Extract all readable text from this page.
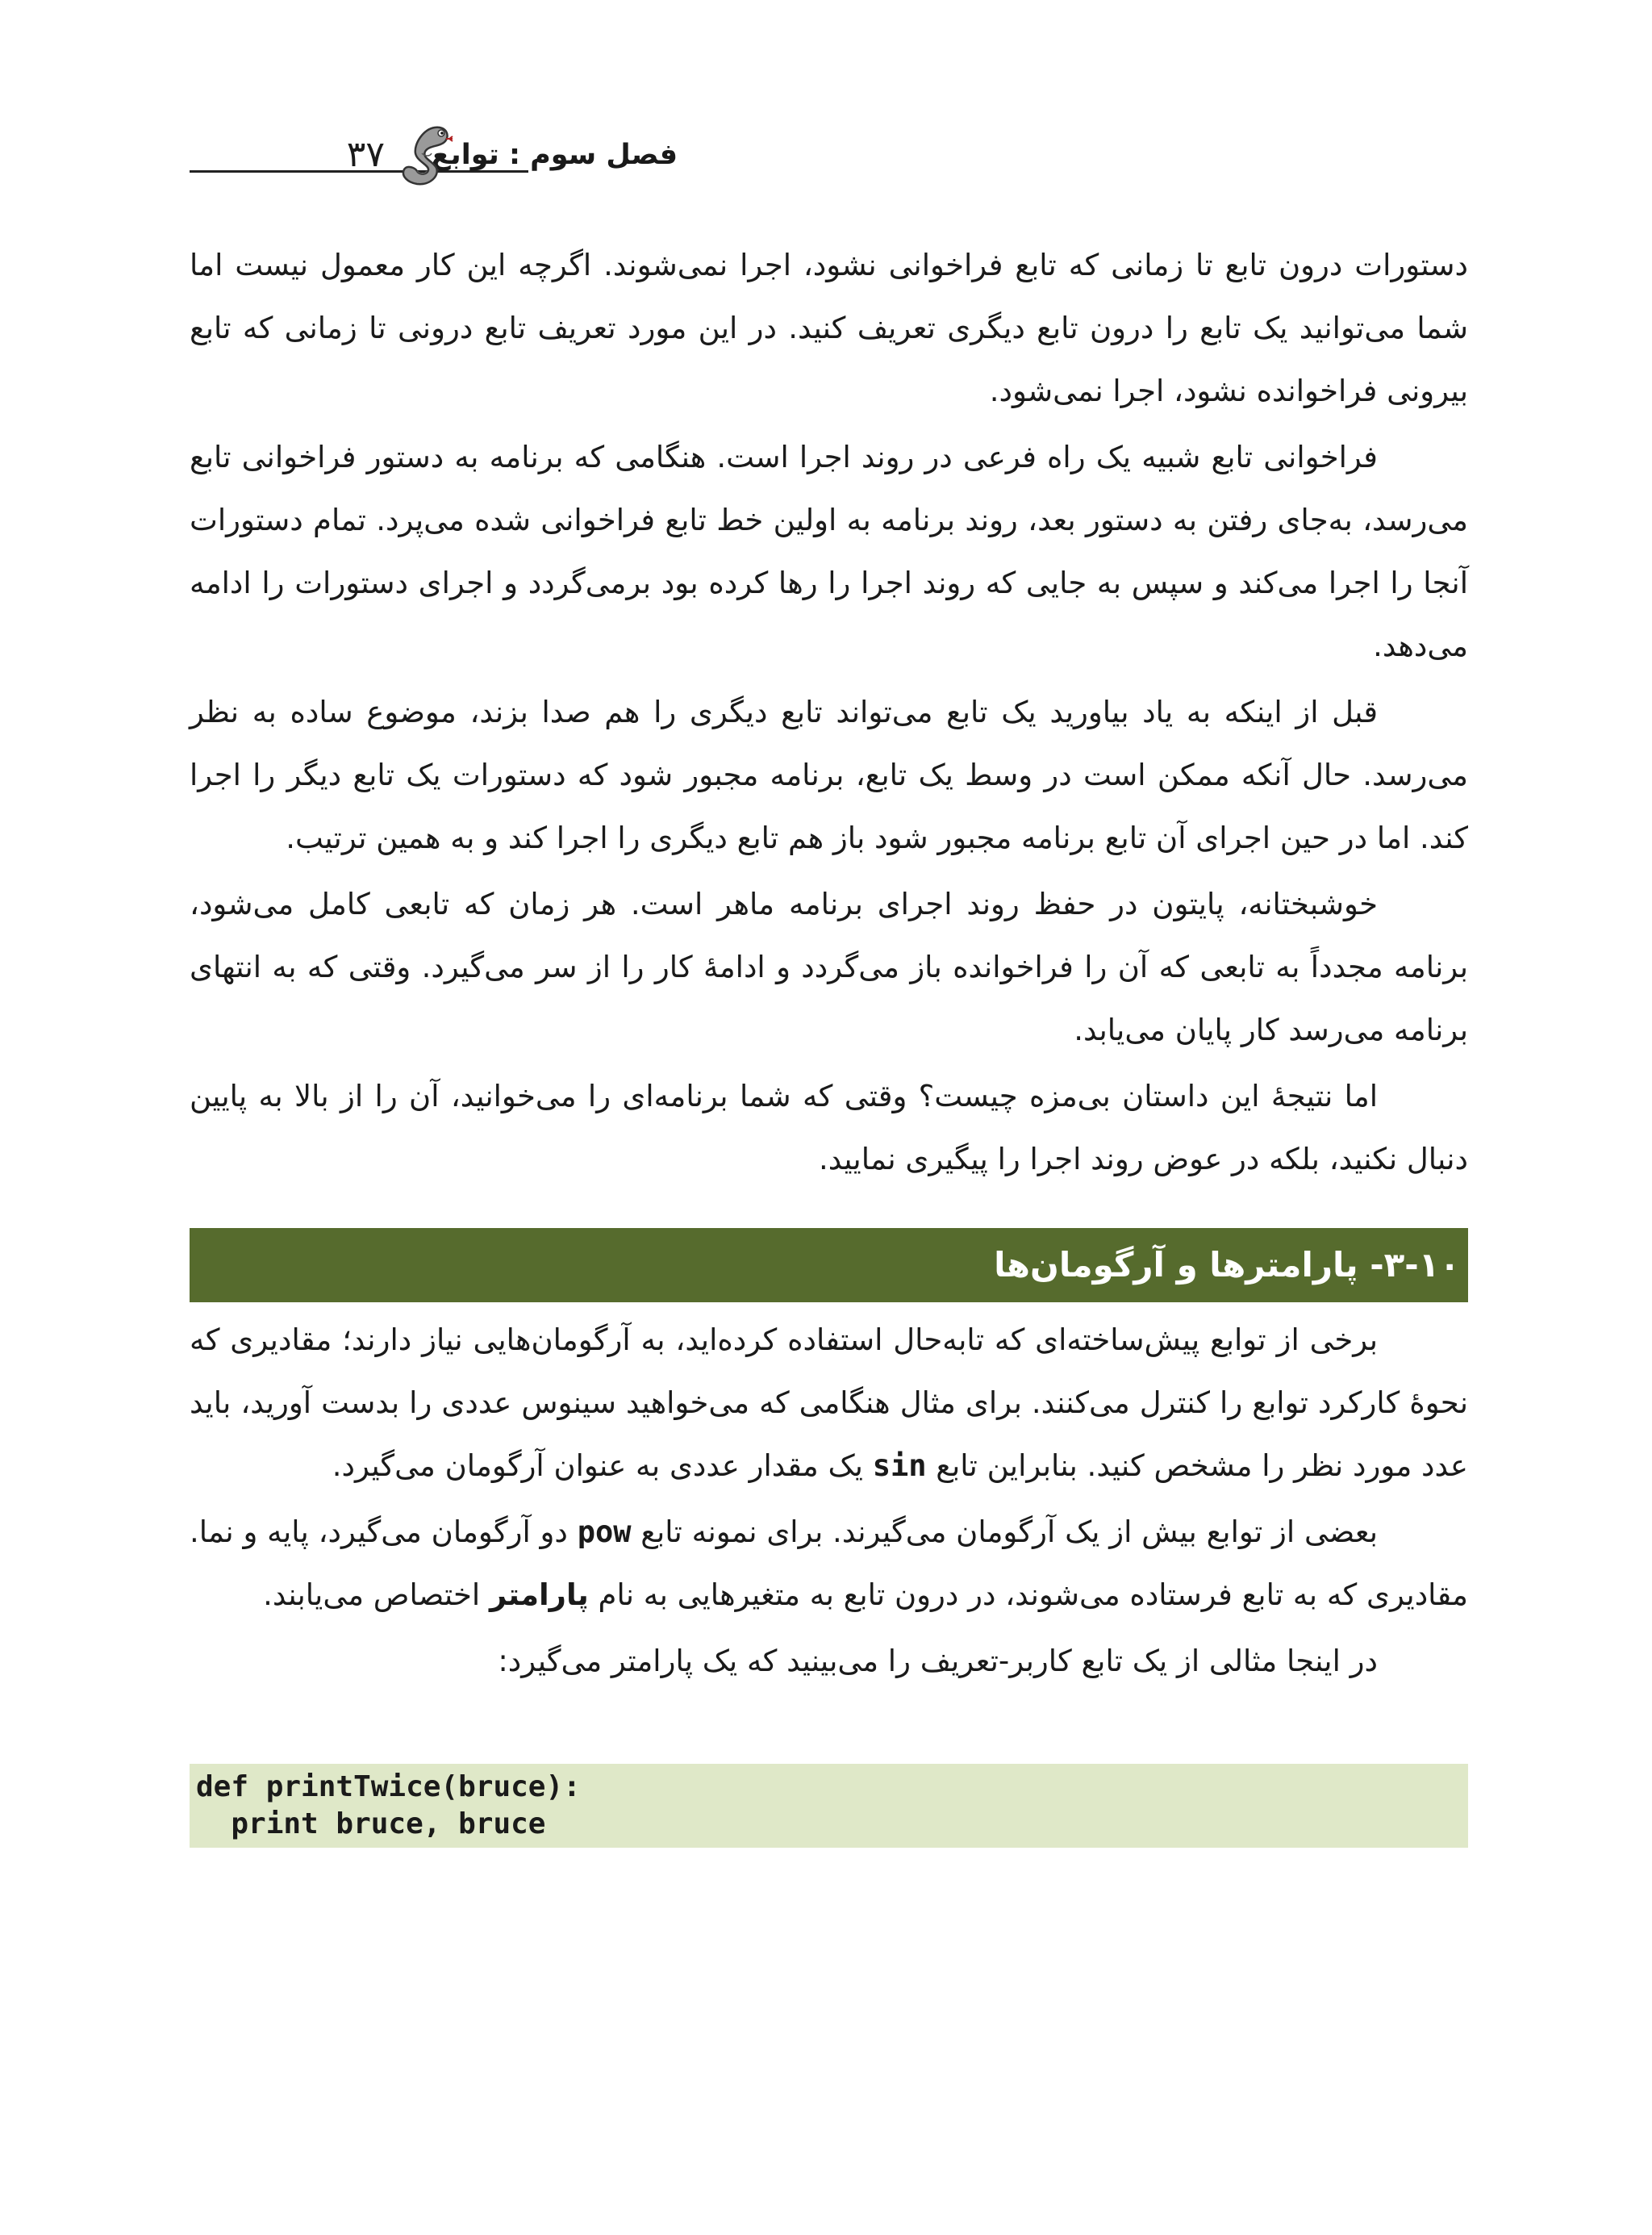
فصل سوم : توابع
۳۷

دستورات درون تابع تا زمانی که تابع فراخوانی نشود، اجرا نمی‌شوند. اگرچه این کار معمول نیست اما شما می‌توانید یک تابع را درون تابع دیگری تعریف کنید. در این مورد تعریف تابع درونی تا زمانی که تابع بیرونی فراخوانده نشود، اجرا نمی‌شود.

فراخوانی تابع شبیه یک راه فرعی در روند اجرا است. هنگامی که برنامه به دستور فراخوانی تابع می‌رسد، به‌جای رفتن به دستور بعد، روند برنامه به اولین خط تابع فراخوانی شده می‌پرد. تمام دستورات آنجا را اجرا می‌کند و سپس به جایی که روند اجرا را رها کرده بود برمی‌گردد و اجرای دستورات را ادامه می‌دهد.

قبل از اینکه به یاد بیاورید یک تابع می‌تواند تابع دیگری را هم صدا بزند، موضوع ساده به نظر می‌رسد. حال آنکه ممکن است در وسط یک تابع، برنامه مجبور شود که دستورات یک تابع دیگر را اجرا کند. اما در حین اجرای آن تابع برنامه مجبور شود باز هم تابع دیگری را اجرا کند و به همین ترتیب.

خوشبختانه، پایتون در حفظ روند اجرای برنامه ماهر است. هر زمان که تابعی کامل می‌شود، برنامه مجدداً به تابعی که آن را فراخوانده باز می‌گردد و ادامهٔ کار را از سر می‌گیرد. وقتی که به انتهای برنامه می‌رسد کار پایان می‌یابد.

اما نتیجهٔ این داستان بی‌مزه چیست؟ وقتی که شما برنامه‌ای را می‌خوانید، آن را از بالا به پایین دنبال نکنید، بلکه در عوض روند اجرا را پیگیری نمایید.

۳-۱۰- پارامترها و آرگومان‌ها

برخی از توابع پیش‌ساخته‌ای که تابه‌حال استفاده کرده‌اید، به آرگومان‌هایی نیاز دارند؛ مقادیری که نحوهٔ کارکرد توابع را کنترل می‌کنند. برای مثال هنگامی که می‌خواهید سینوس عددی را بدست آورید، باید عدد مورد نظر را مشخص کنید. بنابراین تابع sin یک مقدار عددی به عنوان آرگومان می‌گیرد.

بعضی از توابع بیش از یک آرگومان می‌گیرند. برای نمونه تابع pow دو آرگومان می‌گیرد، پایه و نما. مقادیری که به تابع فرستاده می‌شوند، در درون تابع به متغیرهایی به نام پارامتر اختصاص می‌یابند.

در اینجا مثالی از یک تابع کاربر-تعریف را می‌بینید که یک پارامتر می‌گیرد:

def printTwice(bruce):
print bruce, bruce
